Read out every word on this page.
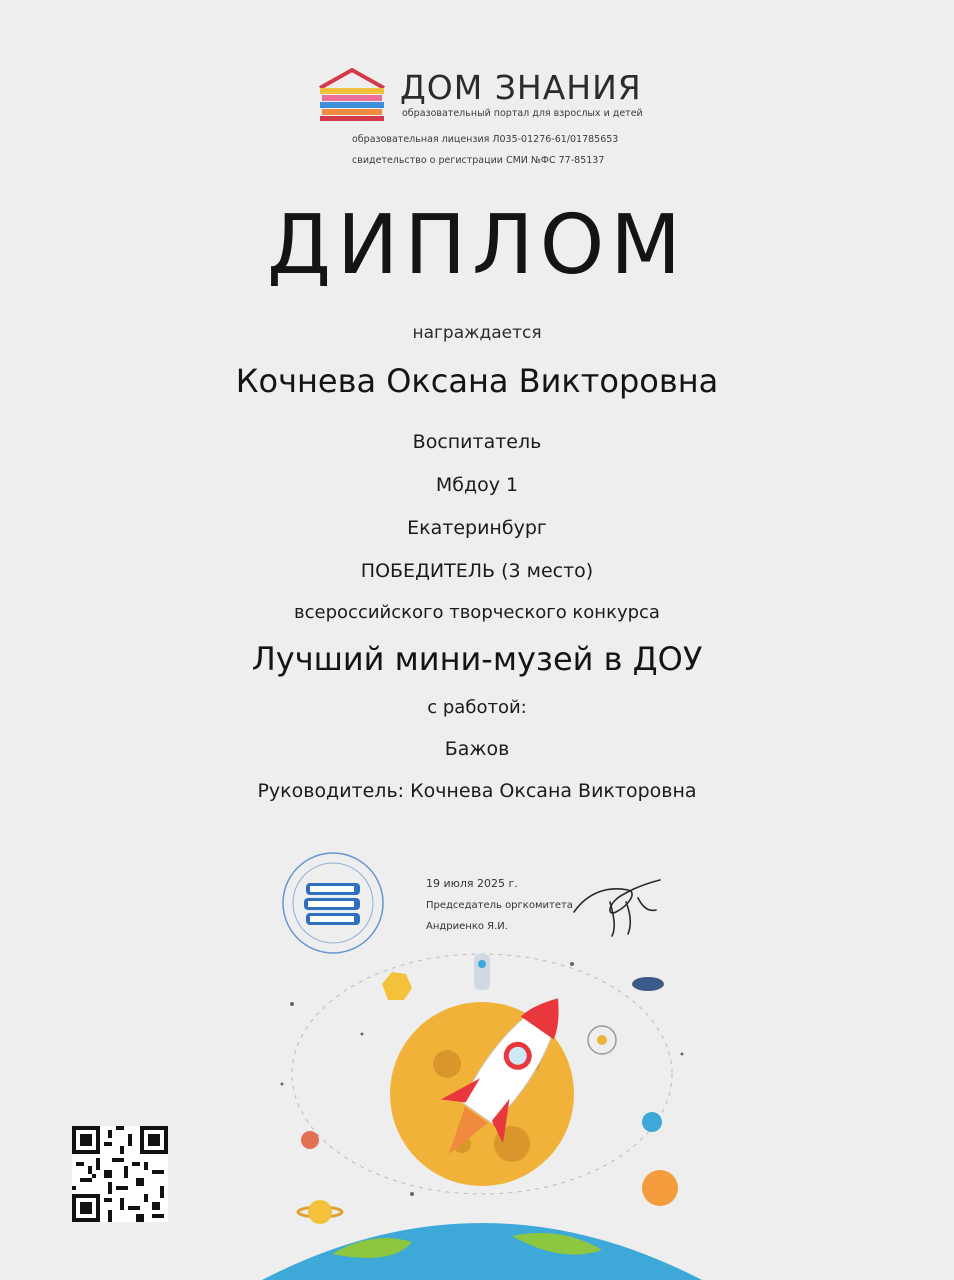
ДОМ ЗНАНИЯ
образовательный портал для взрослых и детей
образовательная лицензия Л035-01276-61/01785653
свидетельство о регистрации СМИ №ФС 77-85137
ДИПЛОМ
награждается
Кочнева Оксана Викторовна
Воспитатель
Мбдоу 1
Екатеринбург
ПОБЕДИТЕЛЬ (3 место)
всероссийского творческого конкурса
Лучший мини-музей в ДОУ
с работой:
Бажов
Руководитель: Кочнева Оксана Викторовна
19 июля 2025 г.
Председатель оргкомитета
Андриенко Я.И.
